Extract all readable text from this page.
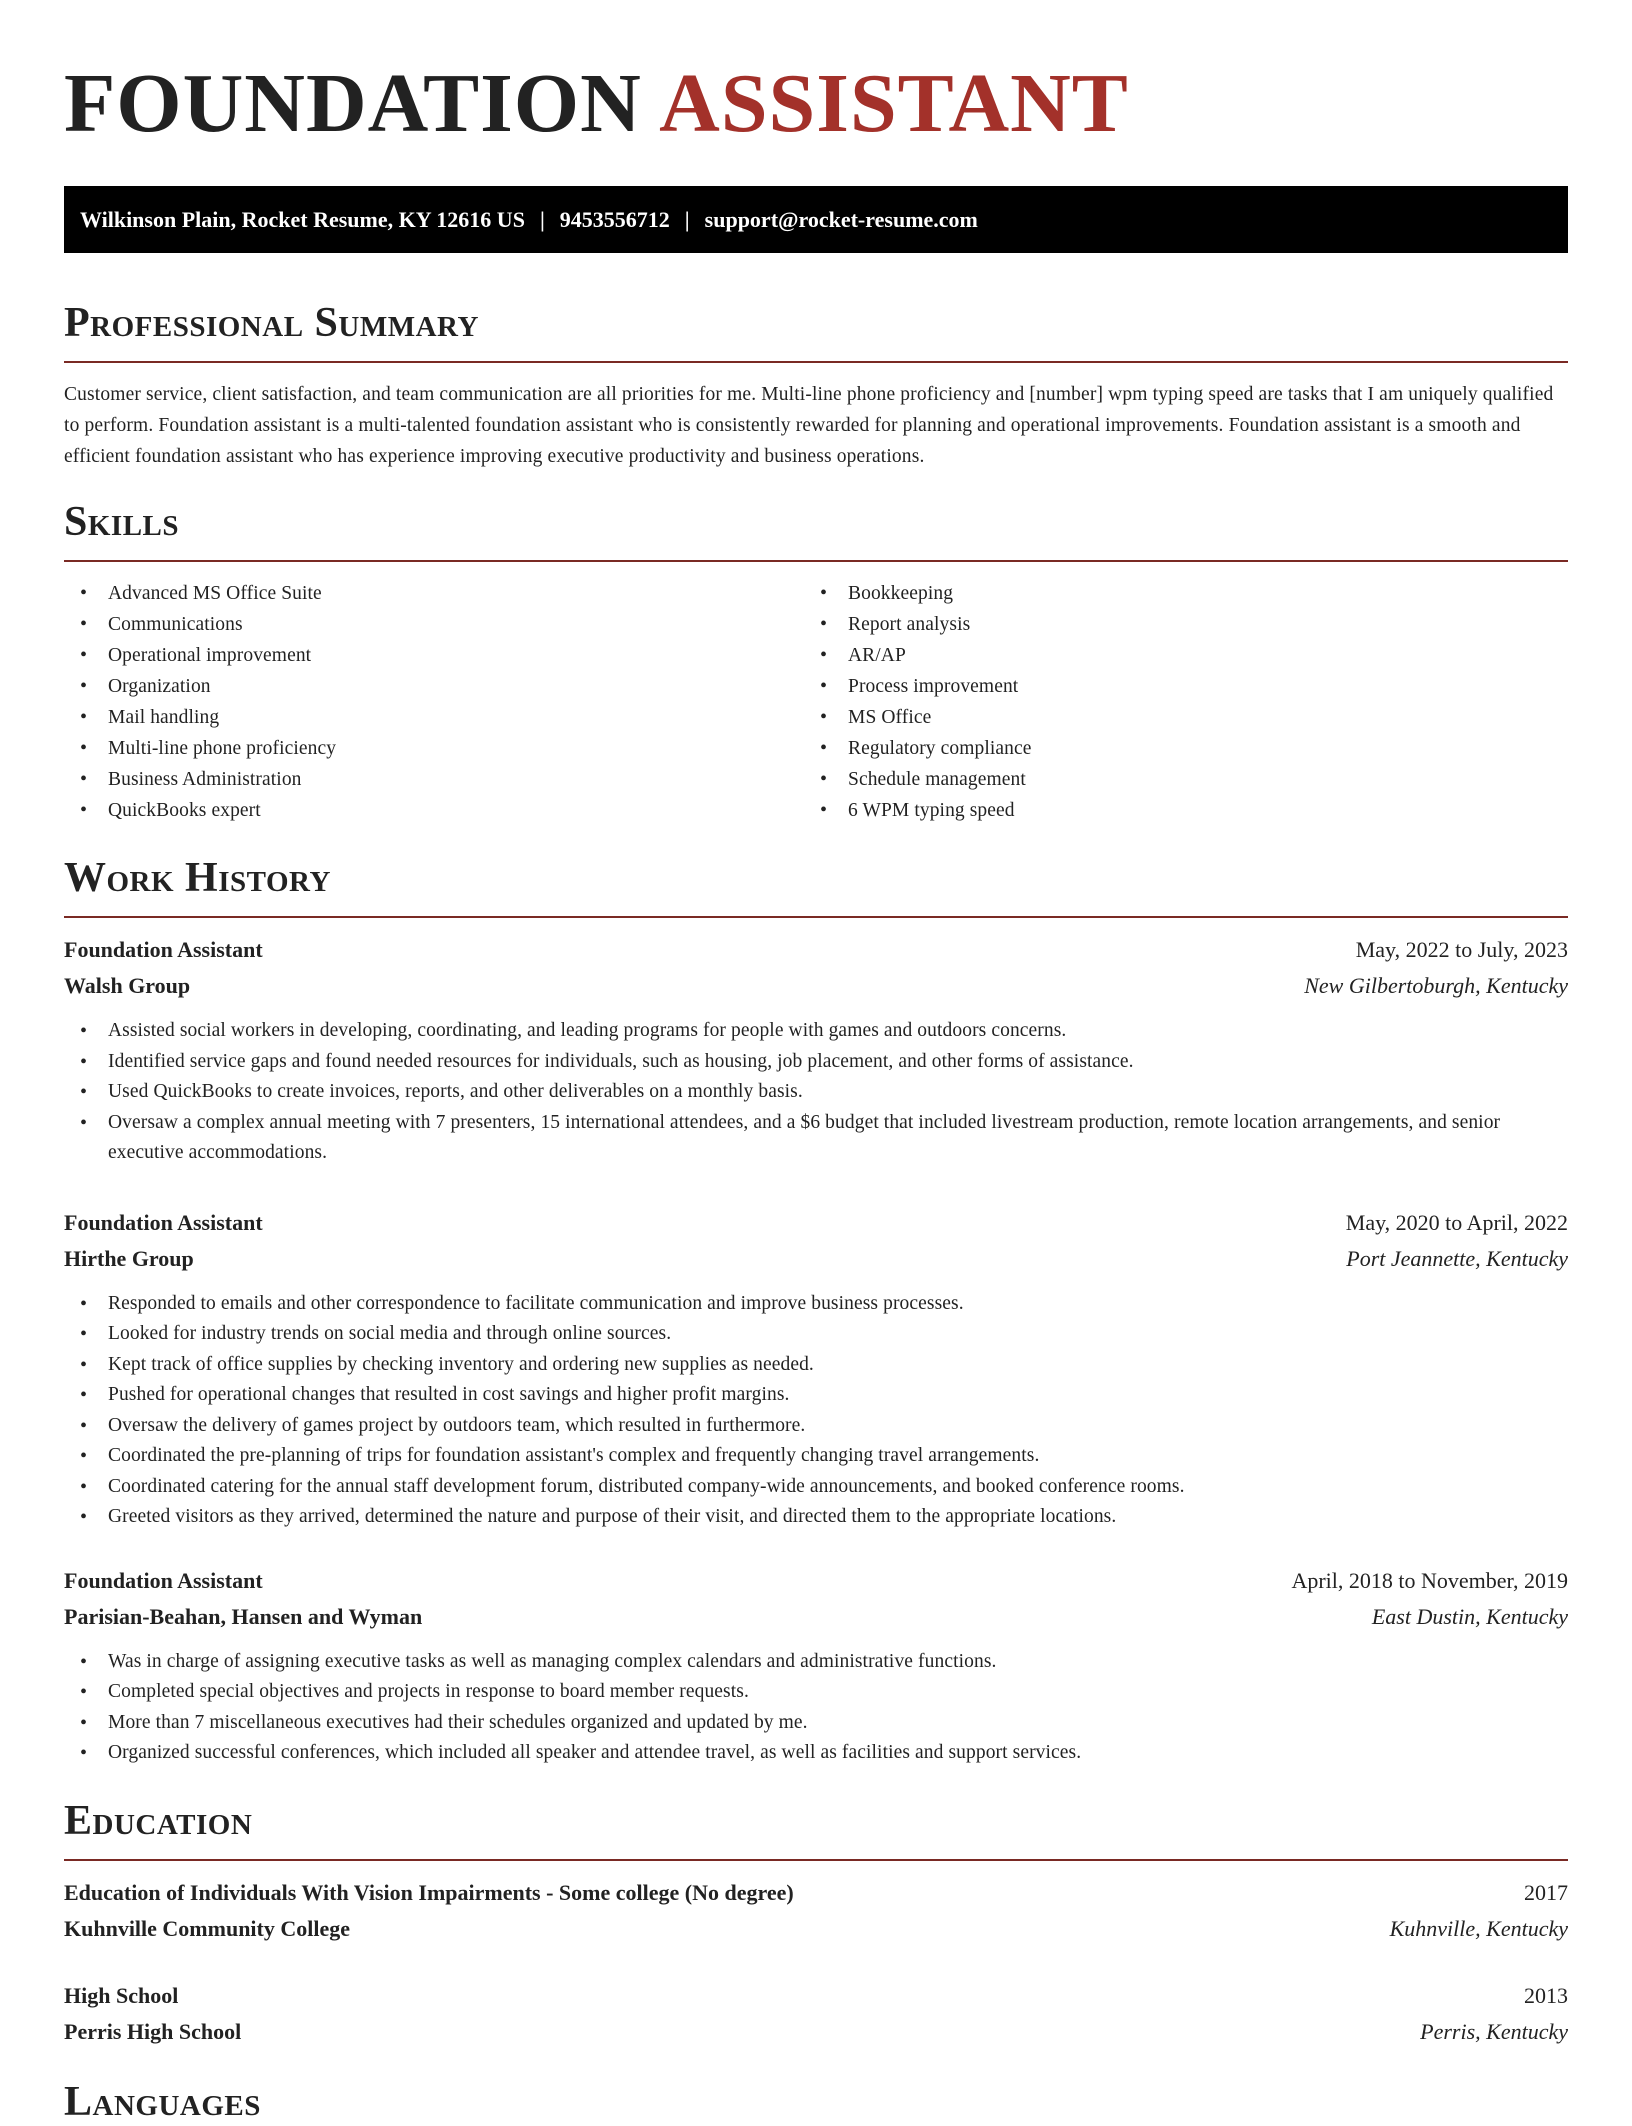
FOUNDATION ASSISTANT
Wilkinson Plain, Rocket Resume, KY 12616 US | 9453556712 | support@rocket-resume.com
Professional Summary
Customer service, client satisfaction, and team communication are all priorities for me. Multi-line phone proficiency and [number] wpm typing speed are tasks that I am uniquely qualified to perform. Foundation assistant is a multi-talented foundation assistant who is consistently rewarded for planning and operational improvements. Foundation assistant is a smooth and efficient foundation assistant who has experience improving executive productivity and business operations.
Skills
• Advanced MS Office Suite
• Communications
• Operational improvement
• Organization
• Mail handling
• Multi-line phone proficiency
• Business Administration
• QuickBooks expert
• Bookkeeping
• Report analysis
• AR/AP
• Process improvement
• MS Office
• Regulatory compliance
• Schedule management
• 6 WPM typing speed
Work History
Foundation Assistant	May, 2022 to July, 2023
Walsh Group	New Gilbertoburgh, Kentucky
• Assisted social workers in developing, coordinating, and leading programs for people with games and outdoors concerns.
• Identified service gaps and found needed resources for individuals, such as housing, job placement, and other forms of assistance.
• Used QuickBooks to create invoices, reports, and other deliverables on a monthly basis.
• Oversaw a complex annual meeting with 7 presenters, 15 international attendees, and a $6 budget that included livestream production, remote location arrangements, and senior executive accommodations.
Foundation Assistant	May, 2020 to April, 2022
Hirthe Group	Port Jeannette, Kentucky
• Responded to emails and other correspondence to facilitate communication and improve business processes.
• Looked for industry trends on social media and through online sources.
• Kept track of office supplies by checking inventory and ordering new supplies as needed.
• Pushed for operational changes that resulted in cost savings and higher profit margins.
• Oversaw the delivery of games project by outdoors team, which resulted in furthermore.
• Coordinated the pre-planning of trips for foundation assistant's complex and frequently changing travel arrangements.
• Coordinated catering for the annual staff development forum, distributed company-wide announcements, and booked conference rooms.
• Greeted visitors as they arrived, determined the nature and purpose of their visit, and directed them to the appropriate locations.
Foundation Assistant	April, 2018 to November, 2019
Parisian-Beahan, Hansen and Wyman	East Dustin, Kentucky
• Was in charge of assigning executive tasks as well as managing complex calendars and administrative functions.
• Completed special objectives and projects in response to board member requests.
• More than 7 miscellaneous executives had their schedules organized and updated by me.
• Organized successful conferences, which included all speaker and attendee travel, as well as facilities and support services.
Education
Education of Individuals With Vision Impairments - Some college (No degree)	2017
Kuhnville Community College	Kuhnville, Kentucky
High School	2013
Perris High School	Perris, Kentucky
Languages
